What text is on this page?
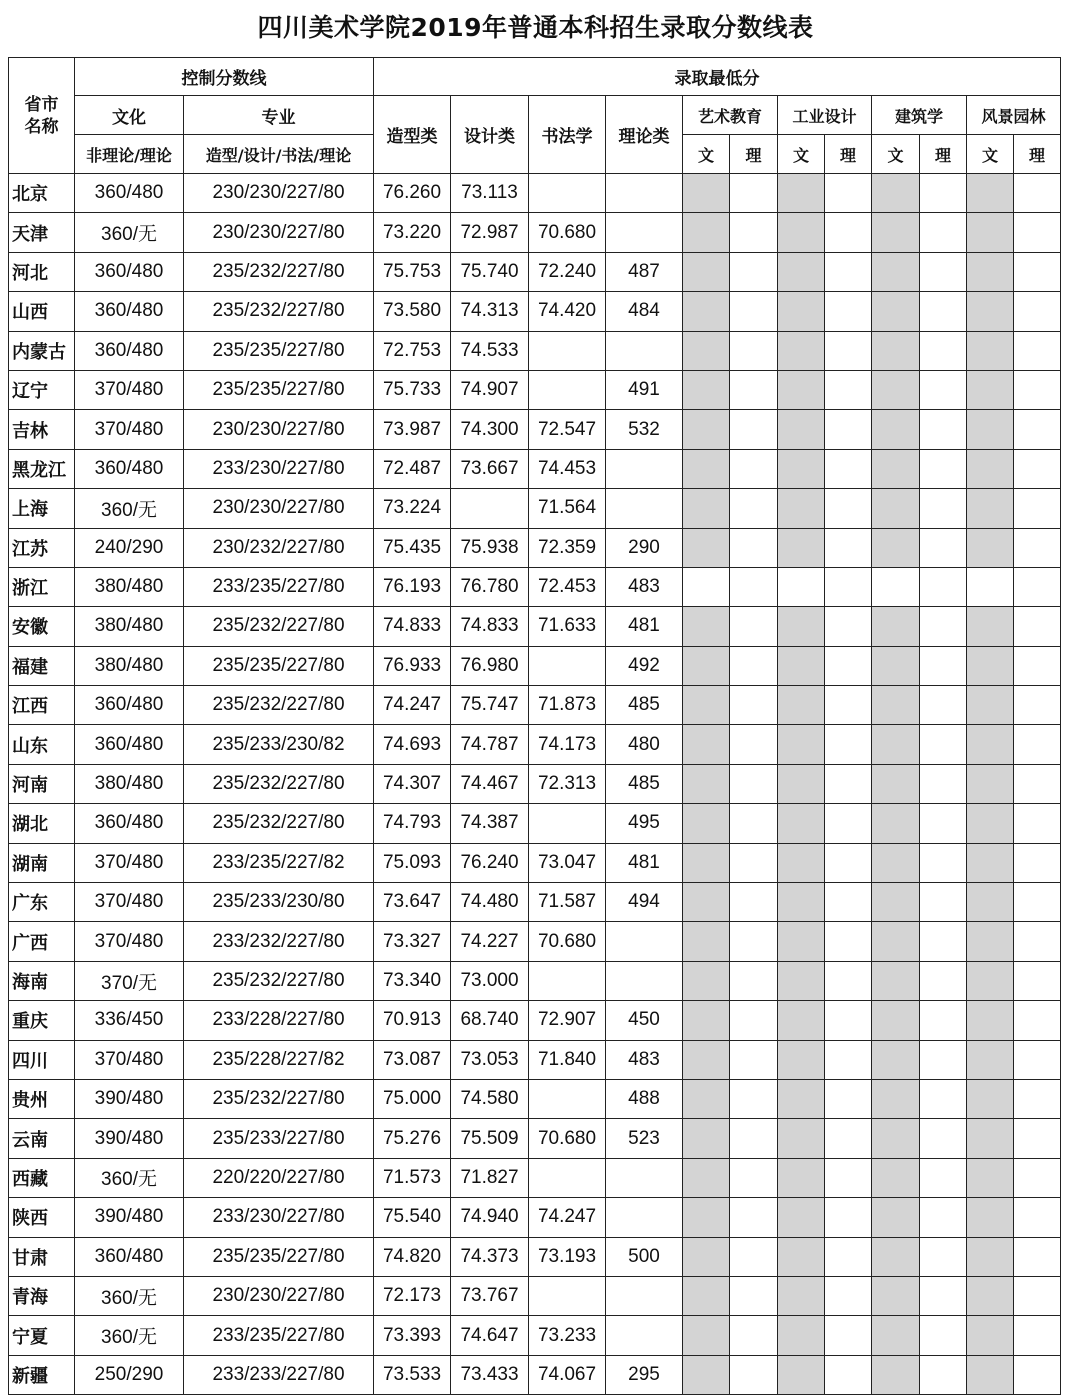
四川美术学院2019年普通本科招生录取分数线表
省市
名称	控制分数线		录取最低分											
	文化	专业	造型类	设计类	书法学	理论类	艺术教育		工业设计		建筑学		风景园林	
	非理论/理论	造型/设计/书法/理论					文	理	文	理	文	理	文	理
北京	360/480	230/230/227/80	76.260	73.113										
天津	360/无	230/230/227/80	73.220	72.987	70.680									
河北	360/480	235/232/227/80	75.753	75.740	72.240	487								
山西	360/480	235/232/227/80	73.580	74.313	74.420	484								
内蒙古	360/480	235/235/227/80	72.753	74.533										
辽宁	370/480	235/235/227/80	75.733	74.907		491								
吉林	370/480	230/230/227/80	73.987	74.300	72.547	532								
黑龙江	360/480	233/230/227/80	72.487	73.667	74.453									
上海	360/无	230/230/227/80	73.224		71.564									
江苏	240/290	230/232/227/80	75.435	75.938	72.359	290								
浙江	380/480	233/235/227/80	76.193	76.780	72.453	483								
安徽	380/480	235/232/227/80	74.833	74.833	71.633	481								
福建	380/480	235/235/227/80	76.933	76.980		492								
江西	360/480	235/232/227/80	74.247	75.747	71.873	485								
山东	360/480	235/233/230/82	74.693	74.787	74.173	480								
河南	380/480	235/232/227/80	74.307	74.467	72.313	485								
湖北	360/480	235/232/227/80	74.793	74.387		495								
湖南	370/480	233/235/227/82	75.093	76.240	73.047	481								
广东	370/480	235/233/230/80	73.647	74.480	71.587	494								
广西	370/480	233/232/227/80	73.327	74.227	70.680									
海南	370/无	235/232/227/80	73.340	73.000										
重庆	336/450	233/228/227/80	70.913	68.740	72.907	450								
四川	370/480	235/228/227/82	73.087	73.053	71.840	483								
贵州	390/480	235/232/227/80	75.000	74.580		488								
云南	390/480	235/233/227/80	75.276	75.509	70.680	523								
西藏	360/无	220/220/227/80	71.573	71.827										
陕西	390/480	233/230/227/80	75.540	74.940	74.247									
甘肃	360/480	235/235/227/80	74.820	74.373	73.193	500								
青海	360/无	230/230/227/80	72.173	73.767										
宁夏	360/无	233/235/227/80	73.393	74.647	73.233									
新疆	250/290	233/233/227/80	73.533	73.433	74.067	295								
